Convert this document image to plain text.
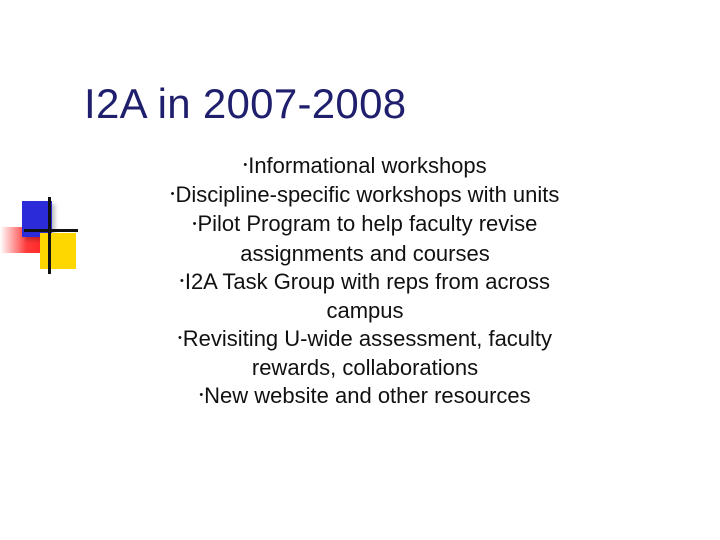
I2A in 2007-2008
•Informational workshops
•Discipline-specific workshops with units
•Pilot Program to help faculty revise assignments and courses
•I2A Task Group with reps from across campus
•Revisiting U-wide assessment, faculty rewards, collaborations
•New website and other resources
